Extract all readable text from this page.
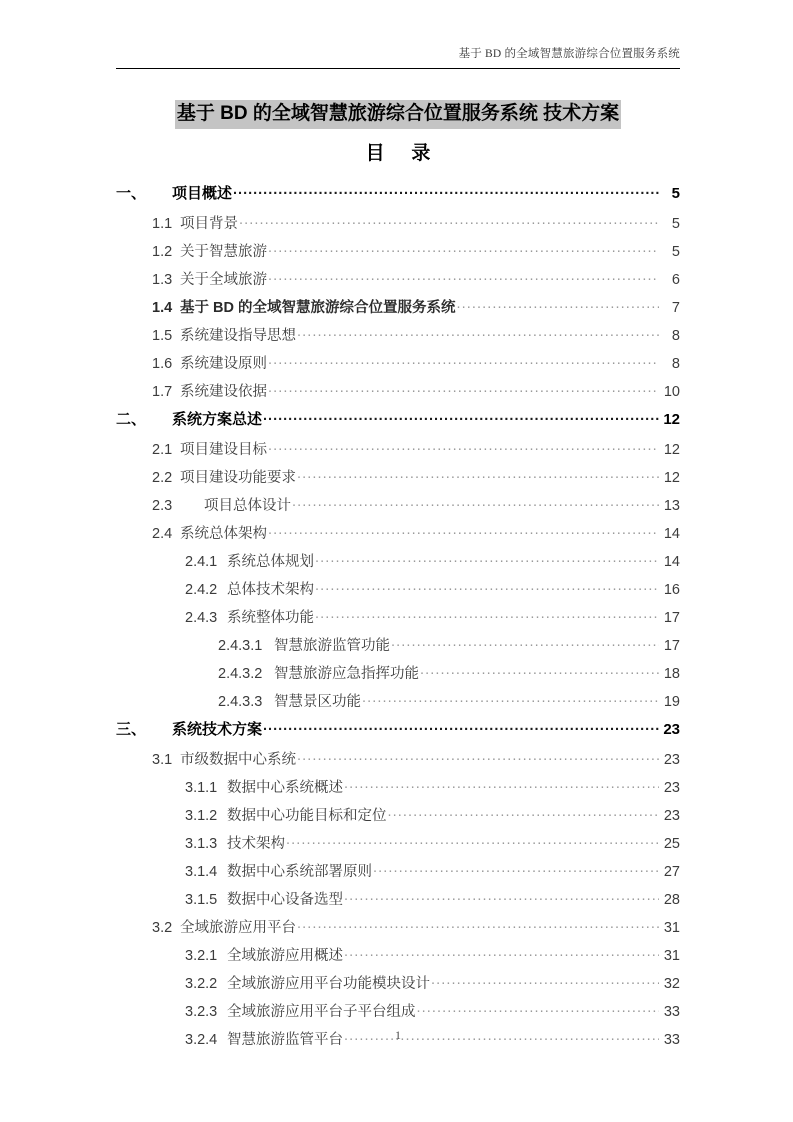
基于 BD 的全域智慧旅游综合位置服务系统
基于 BD 的全域智慧旅游综合位置服务系统 技术方案
目 录
一、	项目概述 .....	5
1.1 项目背景 .....	5
1.2 关于智慧旅游 .....	5
1.3 关于全域旅游 .....	6
1.4 基于 BD 的全域智慧旅游综合位置服务系统 .....	7
1.5 系统建设指导思想 .....	8
1.6 系统建设原则 .....	8
1.7 系统建设依据 .....	10
二、	系统方案总述 .....	12
2.1 项目建设目标 .....	12
2.2 项目建设功能要求 .....	12
2.3	项目总体设计 .....	13
2.4 系统总体架构 .....	14
2.4.1 系统总体规划 .....	14
2.4.2 总体技术架构 .....	16
2.4.3 系统整体功能 .....	17
2.4.3.1 智慧旅游监管功能 .....	17
2.4.3.2 智慧旅游应急指挥功能 .....	18
2.4.3.3 智慧景区功能 .....	19
三、	系统技术方案 .....	23
3.1 市级数据中心系统 .....	23
3.1.1 数据中心系统概述 .....	23
3.1.2 数据中心功能目标和定位 .....	23
3.1.3 技术架构 .....	25
3.1.4 数据中心系统部署原则 .....	27
3.1.5 数据中心设备选型 .....	28
3.2 全域旅游应用平台 .....	31
3.2.1 全域旅游应用概述 .....	31
3.2.2 全域旅游应用平台功能模块设计 .....	32
3.2.3 全域旅游应用平台子平台组成 .....	33
3.2.4 智慧旅游监管平台 .....	33
1
